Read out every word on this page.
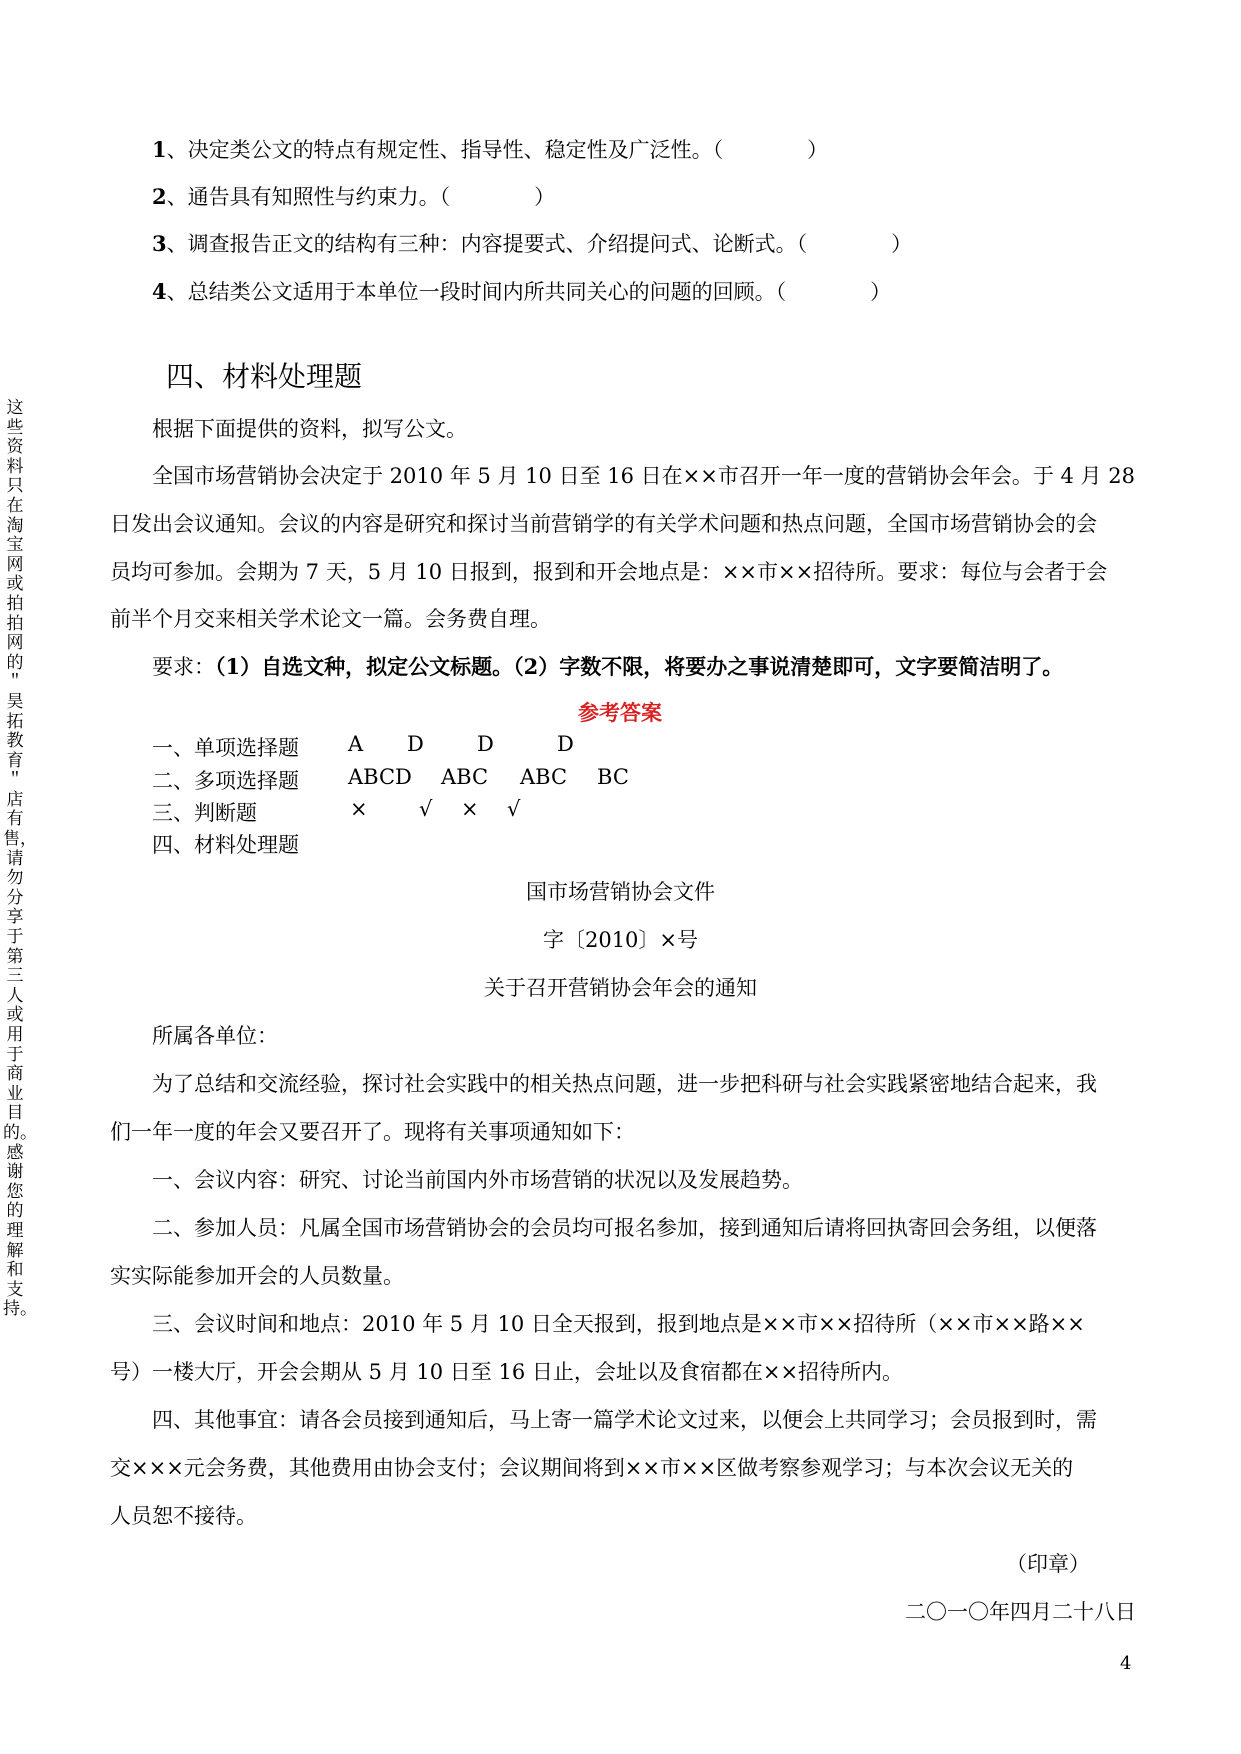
这些资料只在淘宝网或拍拍网的＂昊拓教育＂店有售，请勿分享于第三人或用于商业目的。感谢您的理解和支持。
1、决定类公文的特点有规定性、指导性、稳定性及广泛性。（　　　　）
2、通告具有知照性与约束力。（　　　　）
3、调查报告正文的结构有三种：内容提要式、介绍提问式、论断式。（　　　　）
4、总结类公文适用于本单位一段时间内所共同关心的问题的回顾。（　　　　）
四、材料处理题
根据下面提供的资料，拟写公文。
全国市场营销协会决定于 2010 年 5 月 10 日至 16 日在××市召开一年一度的营销协会年会。于 4 月 28
日发出会议通知。会议的内容是研究和探讨当前营销学的有关学术问题和热点问题，全国市场营销协会的会
员均可参加。会期为 7 天，5 月 10 日报到，报到和开会地点是：××市××招待所。要求：每位与会者于会
前半个月交来相关学术论文一篇。会务费自理。
要求：（1）自选文种，拟定公文标题。（2）字数不限，将要办之事说清楚即可，文字要简洁明了。
参考答案
一、单项选择题 A D	D	D
二、多项选择题 ABCD ABC ABC BC
三、判断题	× √ × √
四、材料处理题
国市场营销协会文件
字〔2010〕×号
关于召开营销协会年会的通知
所属各单位：
为了总结和交流经验，探讨社会实践中的相关热点问题，进一步把科研与社会实践紧密地结合起来，我
们一年一度的年会又要召开了。现将有关事项通知如下：
一、会议内容：研究、讨论当前国内外市场营销的状况以及发展趋势。
二、参加人员：凡属全国市场营销协会的会员均可报名参加，接到通知后请将回执寄回会务组，以便落
实实际能参加开会的人员数量。
三、会议时间和地点：2010 年 5 月 10 日全天报到，报到地点是××市××招待所（××市××路××
号）一楼大厅，开会会期从 5 月 10 日至 16 日止，会址以及食宿都在××招待所内。
四、其他事宜：请各会员接到通知后，马上寄一篇学术论文过来，以便会上共同学习；会员报到时，需
交×××元会务费，其他费用由协会支付；会议期间将到××市××区做考察参观学习；与本次会议无关的
人员恕不接待。
（印章）
二〇一〇年四月二十八日
4
